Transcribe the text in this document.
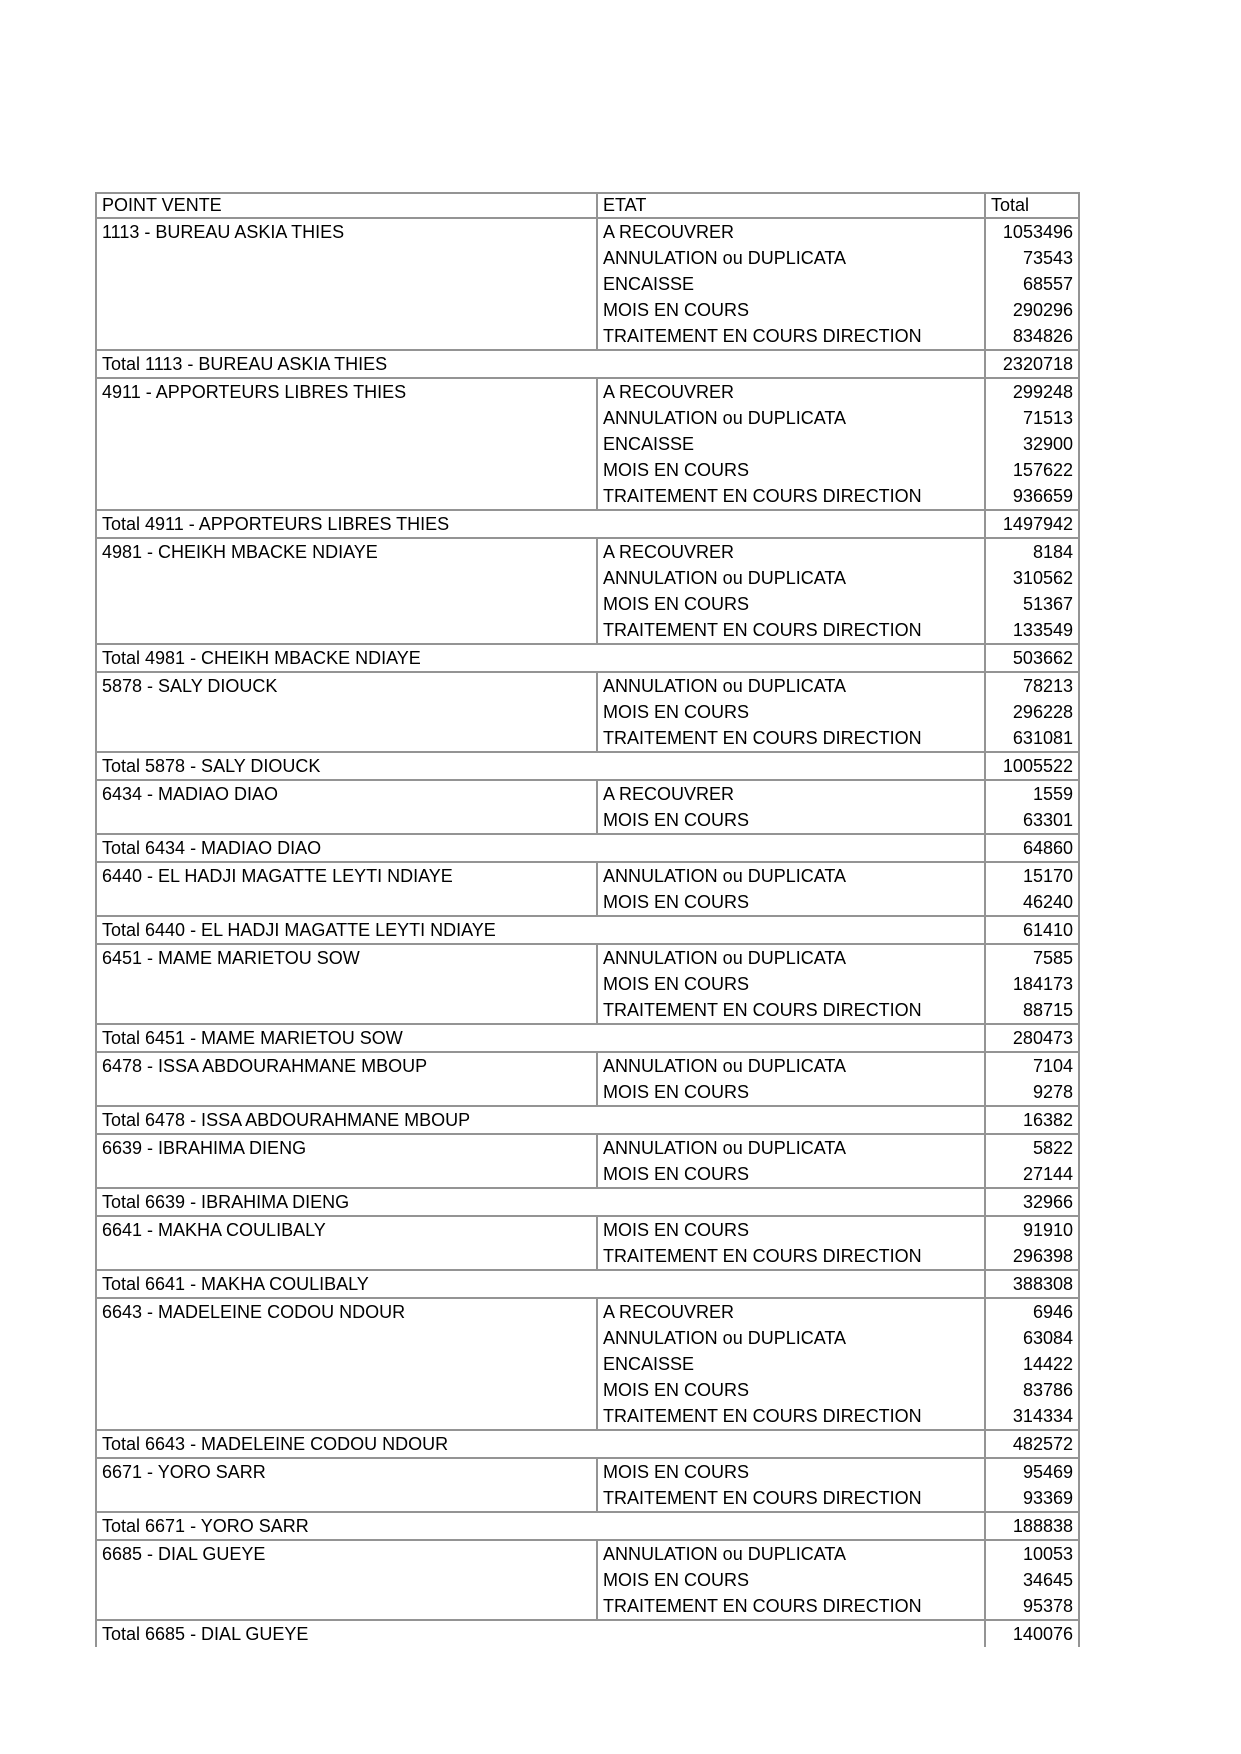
POINT VENTE	ETAT	Total
1113 - BUREAU ASKIA THIES	A RECOUVRER	1053496
	ANNULATION ou DUPLICATA	73543
	ENCAISSE	68557
	MOIS EN COURS	290296
	TRAITEMENT EN COURS DIRECTION	834826
Total 1113 - BUREAU ASKIA THIES		2320718
4911 - APPORTEURS LIBRES THIES	A RECOUVRER	299248
	ANNULATION ou DUPLICATA	71513
	ENCAISSE	32900
	MOIS EN COURS	157622
	TRAITEMENT EN COURS DIRECTION	936659
Total 4911 - APPORTEURS LIBRES THIES		1497942
4981 - CHEIKH MBACKE NDIAYE	A RECOUVRER	8184
	ANNULATION ou DUPLICATA	310562
	MOIS EN COURS	51367
	TRAITEMENT EN COURS DIRECTION	133549
Total 4981 - CHEIKH MBACKE NDIAYE		503662
5878 - SALY DIOUCK	ANNULATION ou DUPLICATA	78213
	MOIS EN COURS	296228
	TRAITEMENT EN COURS DIRECTION	631081
Total 5878 - SALY DIOUCK		1005522
6434 - MADIAO DIAO	A RECOUVRER	1559
	MOIS EN COURS	63301
Total 6434 - MADIAO DIAO		64860
6440 - EL HADJI MAGATTE LEYTI NDIAYE	ANNULATION ou DUPLICATA	15170
	MOIS EN COURS	46240
Total 6440 - EL HADJI MAGATTE LEYTI NDIAYE		61410
6451 - MAME MARIETOU SOW	ANNULATION ou DUPLICATA	7585
	MOIS EN COURS	184173
	TRAITEMENT EN COURS DIRECTION	88715
Total 6451 - MAME MARIETOU SOW		280473
6478 - ISSA ABDOURAHMANE MBOUP	ANNULATION ou DUPLICATA	7104
	MOIS EN COURS	9278
Total 6478 - ISSA ABDOURAHMANE MBOUP		16382
6639 - IBRAHIMA DIENG	ANNULATION ou DUPLICATA	5822
	MOIS EN COURS	27144
Total 6639 - IBRAHIMA DIENG		32966
6641 - MAKHA COULIBALY	MOIS EN COURS	91910
	TRAITEMENT EN COURS DIRECTION	296398
Total 6641 - MAKHA COULIBALY		388308
6643 - MADELEINE CODOU NDOUR	A RECOUVRER	6946
	ANNULATION ou DUPLICATA	63084
	ENCAISSE	14422
	MOIS EN COURS	83786
	TRAITEMENT EN COURS DIRECTION	314334
Total 6643 - MADELEINE CODOU NDOUR		482572
6671 - YORO SARR	MOIS EN COURS	95469
	TRAITEMENT EN COURS DIRECTION	93369
Total 6671 - YORO SARR		188838
6685 - DIAL GUEYE	ANNULATION ou DUPLICATA	10053
	MOIS EN COURS	34645
	TRAITEMENT EN COURS DIRECTION	95378
Total 6685 - DIAL GUEYE		140076
